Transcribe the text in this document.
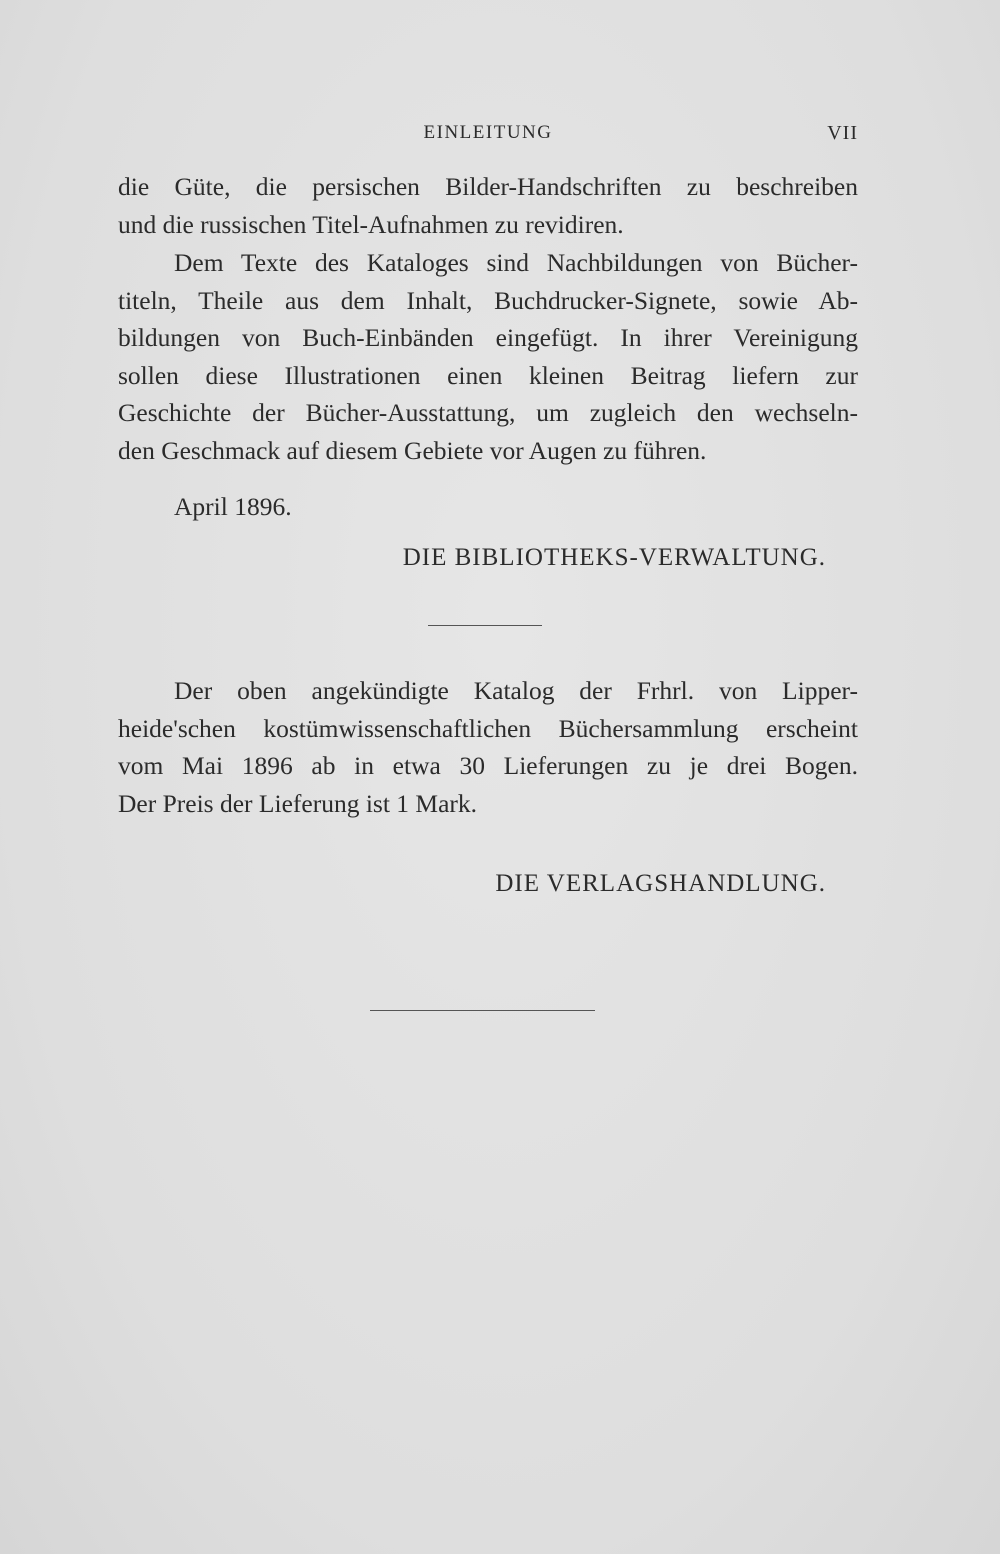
EINLEITUNG	VII
die Güte, die persischen Bilder-Handschriften zu beschreiben
und die russischen Titel-Aufnahmen zu revidiren.
Dem Texte des Kataloges sind Nachbildungen von Bücher-
titeln, Theile aus dem Inhalt, Buchdrucker-Signete, sowie Ab-
bildungen von Buch-Einbänden eingefügt. In ihrer Vereinigung
sollen diese Illustrationen einen kleinen Beitrag liefern zur
Geschichte der Bücher-Ausstattung, um zugleich den wechseln-
den Geschmack auf diesem Gebiete vor Augen zu führen.
April 1896.
DIE BIBLIOTHEKS-VERWALTUNG.
Der oben angekündigte Katalog der Frhrl. von Lipper-
heide'schen kostümwissenschaftlichen Büchersammlung erscheint
vom Mai 1896 ab in etwa 30 Lieferungen zu je drei Bogen.
Der Preis der Lieferung ist 1 Mark.
DIE VERLAGSHANDLUNG.
